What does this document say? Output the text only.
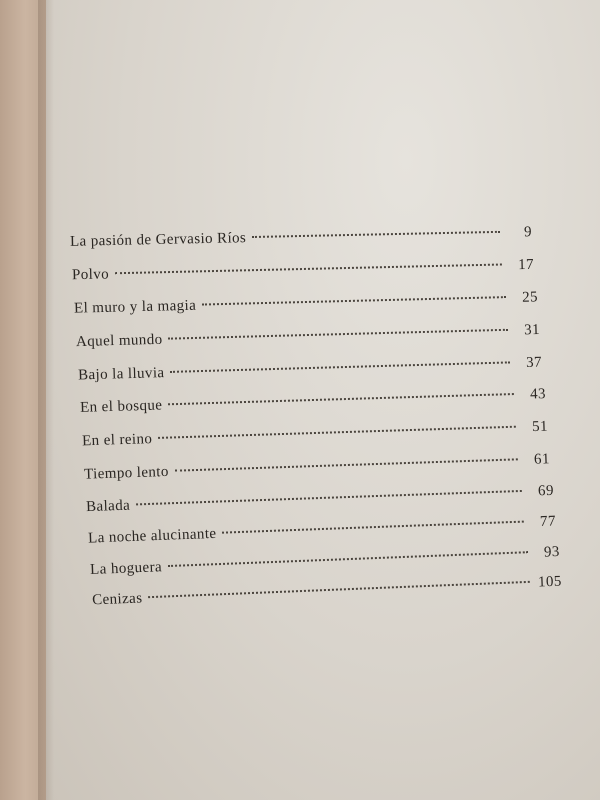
La pasión de Gervasio Ríos	9
Polvo
17
El muro y la magia
25
Aquel mundo
31
Bajo la lluvia
37
En el bosque
43
En el reino
51
Tiempo lento
61
Balada
69
La noche alucinante
77
La hoguera
93
Cenizas
105
